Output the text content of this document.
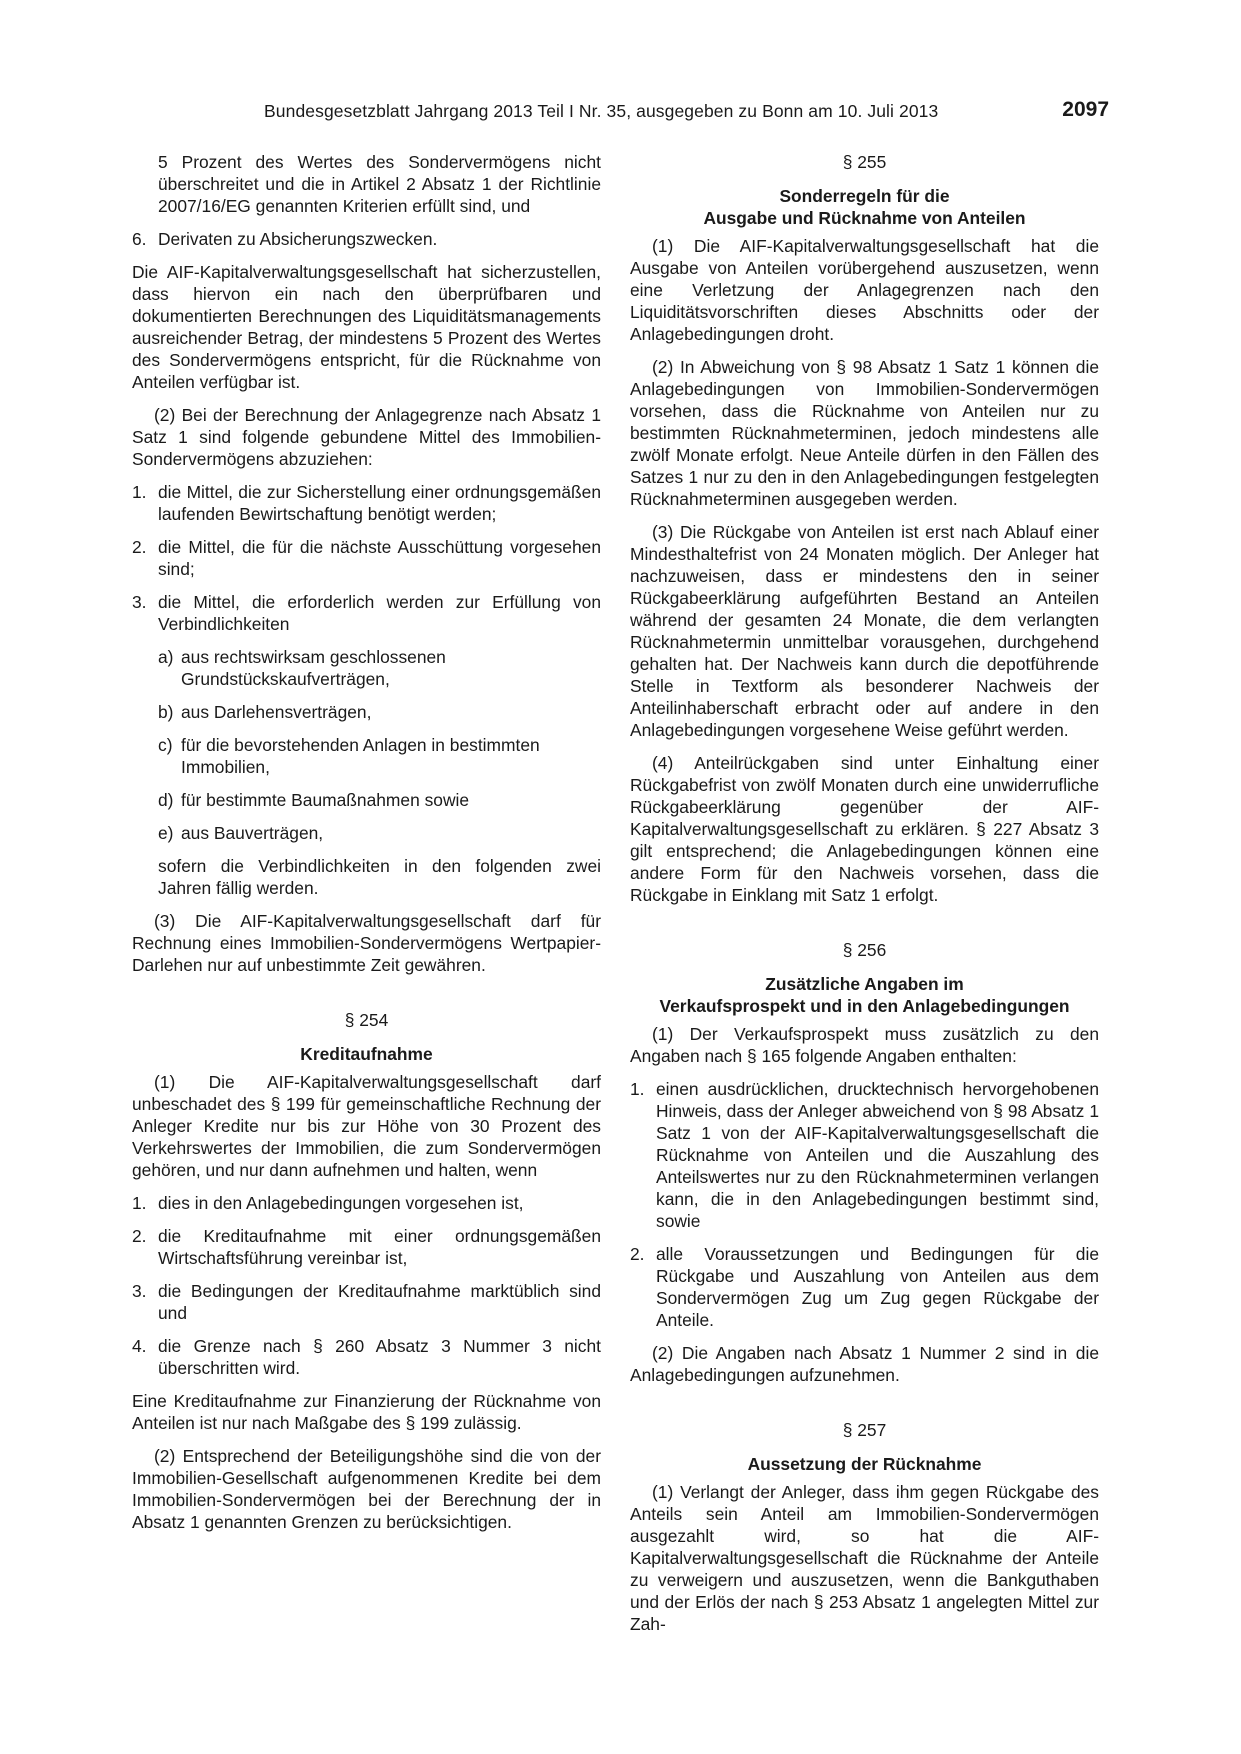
Bundesgesetzblatt Jahrgang 2013 Teil I Nr. 35, ausgegeben zu Bonn am 10. Juli 2013	2097

5 Prozent des Wertes des Sondervermögens nicht überschreitet und die in Artikel 2 Absatz 1 der Richtlinie 2007/16/EG genannten Kriterien erfüllt sind, und

6. Derivaten zu Absicherungszwecken.

Die AIF-Kapitalverwaltungsgesellschaft hat sicherzustellen, dass hiervon ein nach den überprüfbaren und dokumentierten Berechnungen des Liquiditätsmanagements ausreichender Betrag, der mindestens 5 Prozent des Wertes des Sondervermögens entspricht, für die Rücknahme von Anteilen verfügbar ist.

(2) Bei der Berechnung der Anlagegrenze nach Absatz 1 Satz 1 sind folgende gebundene Mittel des Immobilien-Sondervermögens abzuziehen:

1. die Mittel, die zur Sicherstellung einer ordnungsgemäßen laufenden Bewirtschaftung benötigt werden;
2. die Mittel, die für die nächste Ausschüttung vorgesehen sind;
3. die Mittel, die erforderlich werden zur Erfüllung von Verbindlichkeiten
a) aus rechtswirksam geschlossenen Grundstückskaufverträgen,
b) aus Darlehensverträgen,
c) für die bevorstehenden Anlagen in bestimmten Immobilien,
d) für bestimmte Baumaßnahmen sowie
e) aus Bauverträgen,

sofern die Verbindlichkeiten in den folgenden zwei Jahren fällig werden.

(3) Die AIF-Kapitalverwaltungsgesellschaft darf für Rechnung eines Immobilien-Sondervermögens Wertpapier-Darlehen nur auf unbestimmte Zeit gewähren.

§ 254
Kreditaufnahme

(1) Die AIF-Kapitalverwaltungsgesellschaft darf unbeschadet des § 199 für gemeinschaftliche Rechnung der Anleger Kredite nur bis zur Höhe von 30 Prozent des Verkehrswertes der Immobilien, die zum Sondervermögen gehören, und nur dann aufnehmen und halten, wenn

1. dies in den Anlagebedingungen vorgesehen ist,
2. die Kreditaufnahme mit einer ordnungsgemäßen Wirtschaftsführung vereinbar ist,
3. die Bedingungen der Kreditaufnahme marktüblich sind und
4. die Grenze nach § 260 Absatz 3 Nummer 3 nicht überschritten wird.

Eine Kreditaufnahme zur Finanzierung der Rücknahme von Anteilen ist nur nach Maßgabe des § 199 zulässig.

(2) Entsprechend der Beteiligungshöhe sind die von der Immobilien-Gesellschaft aufgenommenen Kredite bei dem Immobilien-Sondervermögen bei der Berechnung der in Absatz 1 genannten Grenzen zu berücksichtigen.

§ 255
Sonderregeln für die
Ausgabe und Rücknahme von Anteilen

(1) Die AIF-Kapitalverwaltungsgesellschaft hat die Ausgabe von Anteilen vorübergehend auszusetzen, wenn eine Verletzung der Anlagegrenzen nach den Liquiditätsvorschriften dieses Abschnitts oder der Anlagebedingungen droht.

(2) In Abweichung von § 98 Absatz 1 Satz 1 können die Anlagebedingungen von Immobilien-Sondervermögen vorsehen, dass die Rücknahme von Anteilen nur zu bestimmten Rücknahmeterminen, jedoch mindestens alle zwölf Monate erfolgt. Neue Anteile dürfen in den Fällen des Satzes 1 nur zu den in den Anlagebedingungen festgelegten Rücknahmeterminen ausgegeben werden.

(3) Die Rückgabe von Anteilen ist erst nach Ablauf einer Mindesthaltefrist von 24 Monaten möglich. Der Anleger hat nachzuweisen, dass er mindestens den in seiner Rückgabeerklärung aufgeführten Bestand an Anteilen während der gesamten 24 Monate, die dem verlangten Rücknahmetermin unmittelbar vorausgehen, durchgehend gehalten hat. Der Nachweis kann durch die depotführende Stelle in Textform als besonderer Nachweis der Anteilinhaberschaft erbracht oder auf andere in den Anlagebedingungen vorgesehene Weise geführt werden.

(4) Anteilrückgaben sind unter Einhaltung einer Rückgabefrist von zwölf Monaten durch eine unwiderrufliche Rückgabeerklärung gegenüber der AIF-Kapitalverwaltungsgesellschaft zu erklären. § 227 Absatz 3 gilt entsprechend; die Anlagebedingungen können eine andere Form für den Nachweis vorsehen, dass die Rückgabe in Einklang mit Satz 1 erfolgt.

§ 256
Zusätzliche Angaben im
Verkaufsprospekt und in den Anlagebedingungen

(1) Der Verkaufsprospekt muss zusätzlich zu den Angaben nach § 165 folgende Angaben enthalten:

1. einen ausdrücklichen, drucktechnisch hervorgehobenen Hinweis, dass der Anleger abweichend von § 98 Absatz 1 Satz 1 von der AIF-Kapitalverwaltungsgesellschaft die Rücknahme von Anteilen und die Auszahlung des Anteilswertes nur zu den Rücknahmeterminen verlangen kann, die in den Anlagebedingungen bestimmt sind, sowie
2. alle Voraussetzungen und Bedingungen für die Rückgabe und Auszahlung von Anteilen aus dem Sondervermögen Zug um Zug gegen Rückgabe der Anteile.

(2) Die Angaben nach Absatz 1 Nummer 2 sind in die Anlagebedingungen aufzunehmen.

§ 257
Aussetzung der Rücknahme

(1) Verlangt der Anleger, dass ihm gegen Rückgabe des Anteils sein Anteil am Immobilien-Sondervermögen ausgezahlt wird, so hat die AIF-Kapitalverwaltungsgesellschaft die Rücknahme der Anteile zu verweigern und auszusetzen, wenn die Bankguthaben und der Erlös der nach § 253 Absatz 1 angelegten Mittel zur Zah-
